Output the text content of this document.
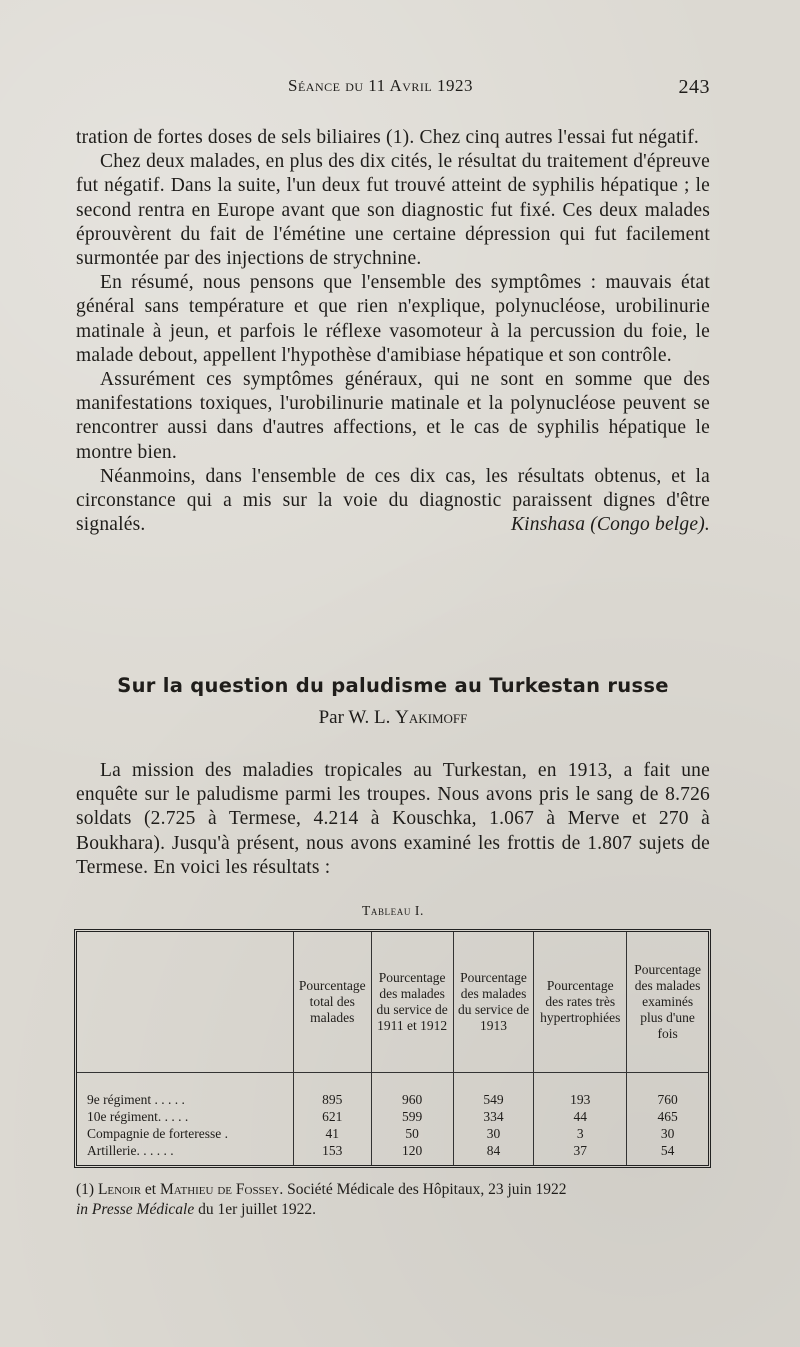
Séance du 11 Avril 1923	243

tration de fortes doses de sels biliaires (1). Chez cinq autres l'essai fut négatif.

Chez deux malades, en plus des dix cités, le résultat du traitement d'épreuve fut négatif. Dans la suite, l'un deux fut trouvé atteint de syphilis hépatique ; le second rentra en Europe avant que son diagnostic fut fixé. Ces deux malades éprouvèrent du fait de l'émétine une certaine dépression qui fut facilement surmontée par des injections de strychnine.

En résumé, nous pensons que l'ensemble des symptômes : mauvais état général sans température et que rien n'explique, polynucléose, urobilinurie matinale à jeun, et parfois le réflexe vasomoteur à la percussion du foie, le malade debout, appellent l'hypothèse d'amibiase hépatique et son contrôle.

Assurément ces symptômes généraux, qui ne sont en somme que des manifestations toxiques, l'urobilinurie matinale et la polynucléose peuvent se rencontrer aussi dans d'autres affections, et le cas de syphilis hépatique le montre bien.

Néanmoins, dans l'ensemble de ces dix cas, les résultats obtenus, et la circonstance qui a mis sur la voie du diagnostic paraissent dignes d'être signalés.	Kinshasa (Congo belge).

Sur la question du paludisme au Turkestan russe
Par W. L. Yakimoff

La mission des maladies tropicales au Turkestan, en 1913, a fait une enquête sur le paludisme parmi les troupes. Nous avons pris le sang de 8.726 soldats (2.725 à Termese, 4.214 à Kouschka, 1.067 à Merve et 270 à Boukhara). Jusqu'à présent, nous avons examiné les frottis de 1.807 sujets de Termese. En voici les résultats :

Tableau I.
	Pourcentage total des malades	Pourcentage des malades du service de 1911 et 1912	Pourcentage des malades du service de 1913	Pourcentage des rates très hypertrophiées	Pourcentage des malades examinés plus d'une fois

9e régiment . . . . .	895	960	549	193	760
10e régiment. . . . .	621	599	334	44	465
Compagnie de forteresse .	41	50	30	3	30
Artillerie. . . . . .	153	120	84	37	54

(1) Lenoir et Mathieu de Fossey. Société Médicale des Hôpitaux, 23 juin 1922
in Presse Médicale du 1er juillet 1922.
